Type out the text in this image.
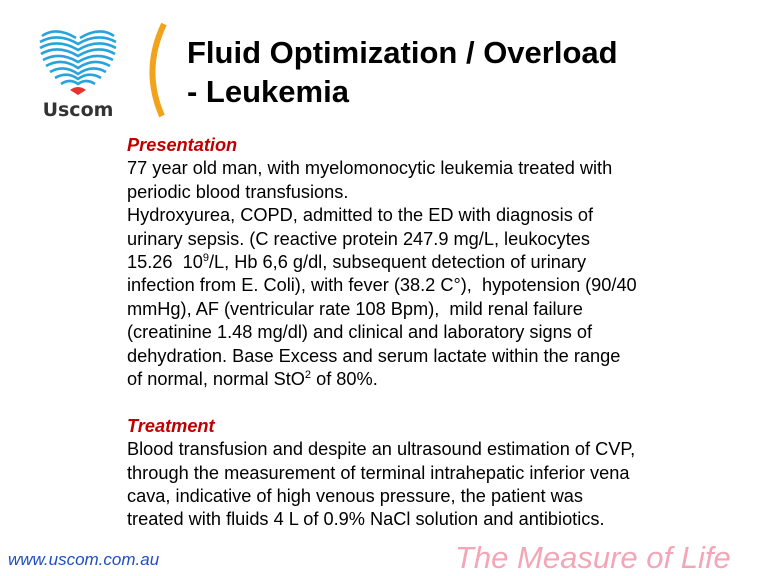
Uscom
Fluid Optimization / Overload
- Leukemia
Presentation
77 year old man, with myelomonocytic leukemia treated with
periodic blood transfusions.
Hydroxyurea, COPD, admitted to the ED with diagnosis of
urinary sepsis. (C reactive protein 247.9 mg/L, leukocytes
15.26  $10^9/L$, Hb 6,6 g/dl, subsequent detection of urinary
infection from E. Coli), with fever (38.2 C°),  hypotension (90/40
mmHg), AF (ventricular rate 108 Bpm),  mild renal failure
(creatinine 1.48 mg/dl) and clinical and laboratory signs of
dehydration. Base Excess and serum lactate within the range
of normal, normal StO$^2$ of 80%.
Treatment
Blood transfusion and despite an ultrasound estimation of CVP,
through the measurement of terminal intrahepatic inferior vena
cava, indicative of high venous pressure, the patient was
treated with fluids 4 L of 0.9% NaCl solution and antibiotics.
www.uscom.com.au	The Measure of Life
